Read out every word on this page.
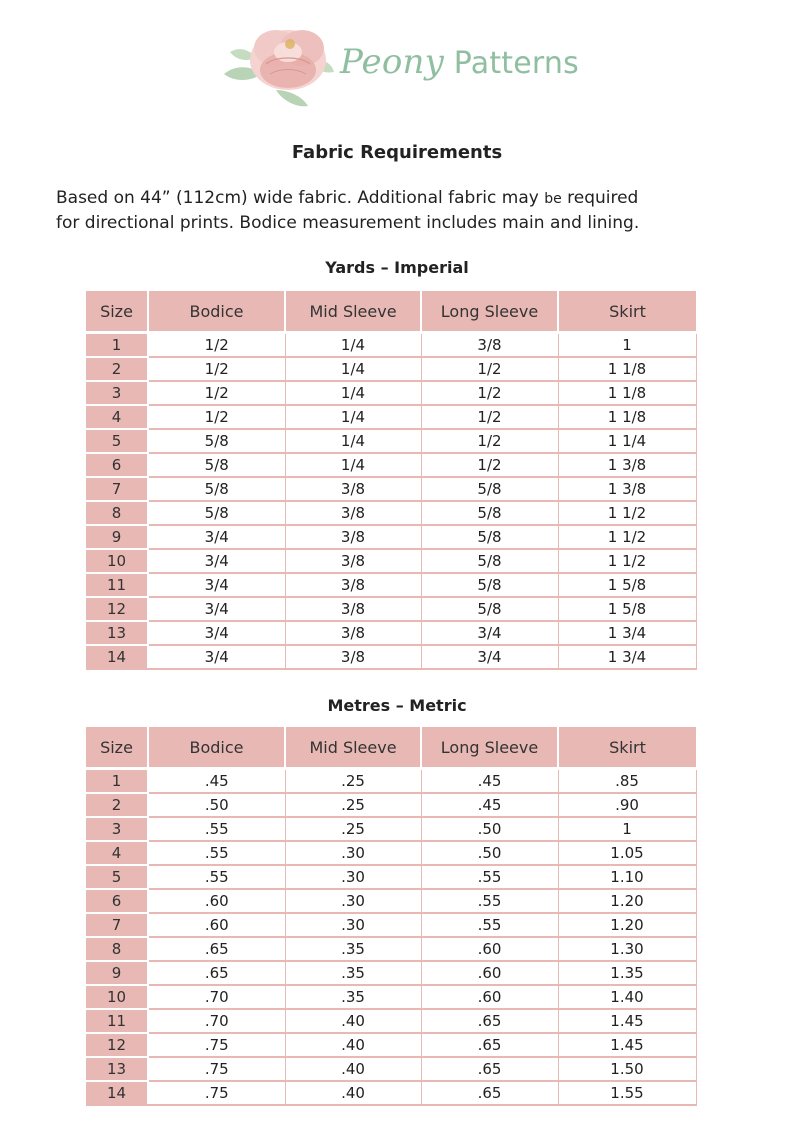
Peony Patterns
Fabric Requirements
Based on 44” (112cm) wide fabric. Additional fabric may be required
for directional prints. Bodice measurement includes main and lining.
Yards – Imperial
Size	Bodice	Mid Sleeve	Long Sleeve	Skirt
1	1/2	1/4	3/8	1
2	1/2	1/4	1/2	1 1/8
3	1/2	1/4	1/2	1 1/8
4	1/2	1/4	1/2	1 1/8
5	5/8	1/4	1/2	1 1/4
6	5/8	1/4	1/2	1 3/8
7	5/8	3/8	5/8	1 3/8
8	5/8	3/8	5/8	1 1/2
9	3/4	3/8	5/8	1 1/2
10	3/4	3/8	5/8	1 1/2
11	3/4	3/8	5/8	1 5/8
12	3/4	3/8	5/8	1 5/8
13	3/4	3/8	3/4	1 3/4
14	3/4	3/8	3/4	1 3/4
Metres – Metric
Size	Bodice	Mid Sleeve	Long Sleeve	Skirt
1	.45	.25	.45	.85
2	.50	.25	.45	.90
3	.55	.25	.50	1
4	.55	.30	.50	1.05
5	.55	.30	.55	1.10
6	.60	.30	.55	1.20
7	.60	.30	.55	1.20
8	.65	.35	.60	1.30
9	.65	.35	.60	1.35
10	.70	.35	.60	1.40
11	.70	.40	.65	1.45
12	.75	.40	.65	1.45
13	.75	.40	.65	1.50
14	.75	.40	.65	1.55
